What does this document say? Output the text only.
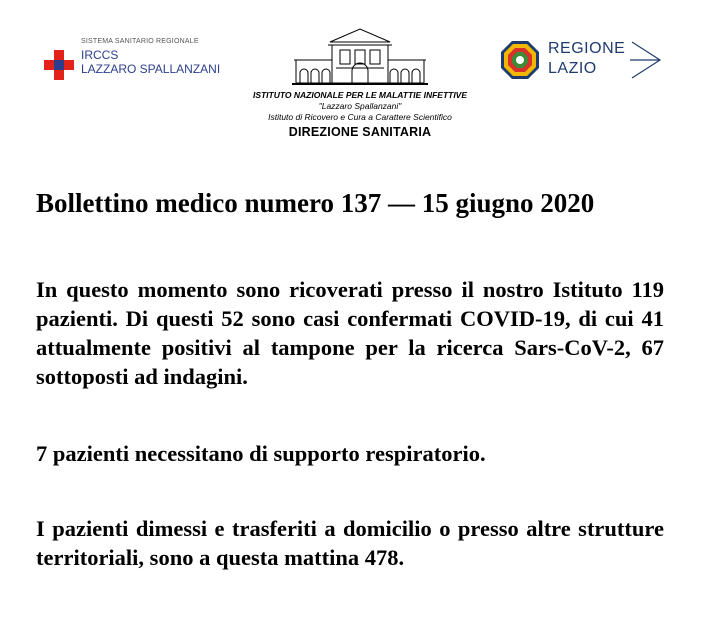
SISTEMA SANITARIO REGIONALE
IRCCS
LAZZARO SPALLANZANI
ISTITUTO NAZIONALE PER LE MALATTIE INFETTIVE
"Lazzaro Spallanzani"
Istituto di Ricovero e Cura a Carattere Scientifico
DIREZIONE SANITARIA
REGIONE
LAZIO
Bollettino medico numero 137 — 15 giugno 2020
In questo momento sono ricoverati presso il nostro Istituto 119 pazienti. Di questi 52 sono casi confermati COVID-19, di cui 41 attualmente positivi al tampone per la ricerca Sars-CoV-2, 67 sottoposti ad indagini.
7 pazienti necessitano di supporto respiratorio.
I pazienti dimessi e trasferiti a domicilio o presso altre strutture territoriali, sono a questa mattina 478.
